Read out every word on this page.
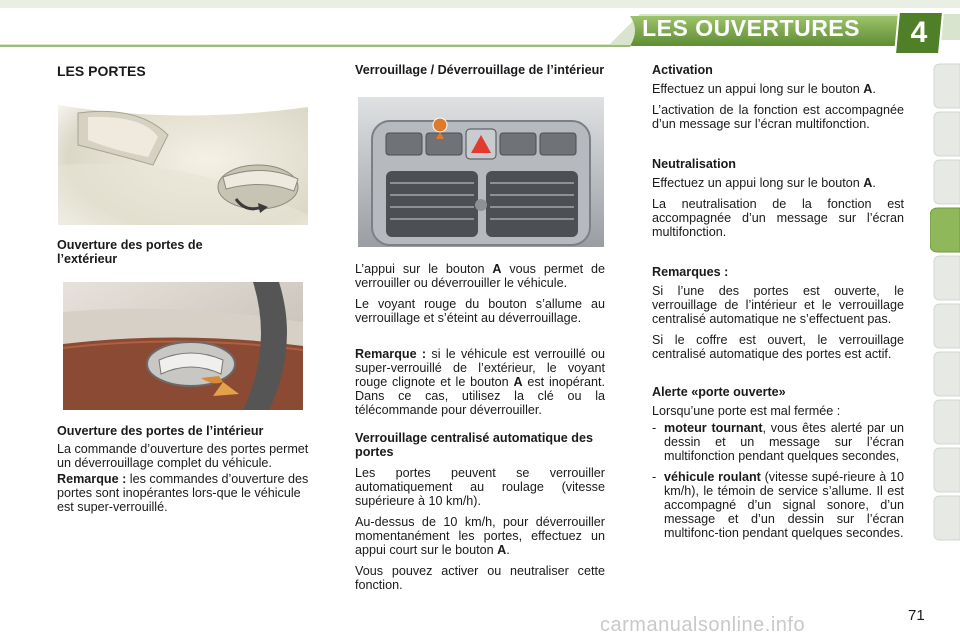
LES OUVERTURES	4
LES PORTES

Ouverture des portes de l’extérieur

Ouverture des portes de l’intérieur

La commande d’ouverture des portes permet un déverrouillage complet du véhicule.

Remarque : les commandes d’ouverture des portes sont inopérantes lors-que le véhicule est super-verrouillé.

Verrouillage / Déverrouillage de l’intérieur

L’appui sur le bouton A vous permet de verrouiller ou déverrouiller le véhicule.

Le voyant rouge du bouton s’allume au verrouillage et s’éteint au déverrouillage.

Remarque : si le véhicule est verrouillé ou super-verrouillé de l’extérieur, le voyant rouge clignote et le bouton A est inopérant. Dans ce cas, utilisez la clé ou la télécommande pour déverrouiller.

Verrouillage centralisé automatique des portes

Les portes peuvent se verrouiller automatiquement au roulage (vitesse supérieure à 10 km/h).

Au-dessus de 10 km/h, pour déverrouiller momentanément les portes, effectuez un appui court sur le bouton A.

Vous pouvez activer ou neutraliser cette fonction.

Activation

Effectuez un appui long sur le bouton A.

L’activation de la fonction est accompagnée d’un message sur l’écran multifonction.

Neutralisation

Effectuez un appui long sur le bouton A.

La neutralisation de la fonction est accompagnée d’un message sur l’écran multifonction.

Remarques :

Si l’une des portes est ouverte, le verrouillage de l’intérieur et le verrouillage centralisé automatique ne s’effectuent pas.

Si le coffre est ouvert, le verrouillage centralisé automatique des portes est actif.

Alerte «porte ouverte»

Lorsqu’une porte est mal fermée :

- moteur tournant, vous êtes alerté par un dessin et un message sur l’écran multifonction pendant quelques secondes,

- véhicule roulant (vitesse supé-rieure à 10 km/h), le témoin de service s’allume. Il est accompagné d’un signal sonore, d’un message et d’un dessin sur l’écran multifonc-tion pendant quelques secondes.

carmanualsonline.info	71
